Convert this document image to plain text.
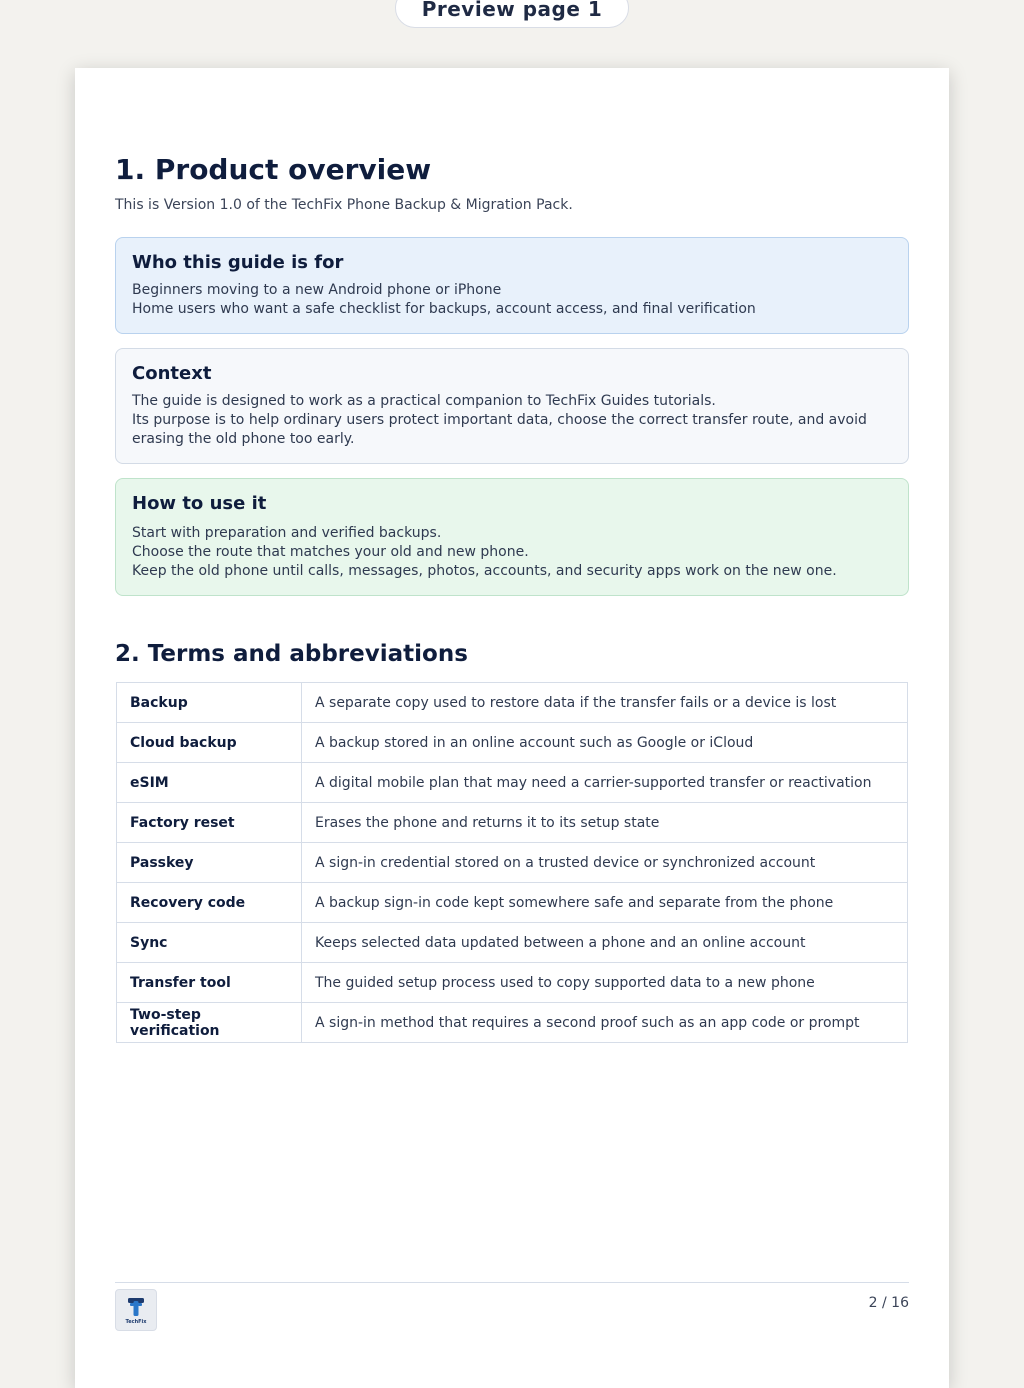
Preview page 1
1. Product overview

This is Version 1.0 of the TechFix Phone Backup & Migration Pack.

Who this guide is for
Beginners moving to a new Android phone or iPhone
Home users who want a safe checklist for backups, account access, and final verification
Context
The guide is designed to work as a practical companion to TechFix Guides tutorials.
Its purpose is to help ordinary users protect important data, choose the correct transfer route, and avoid erasing the old phone too early.
How to use it
Start with preparation and verified backups.
Choose the route that matches your old and new phone.
Keep the old phone until calls, messages, photos, accounts, and security apps work on the new one.
2. Terms and abbreviations
Backup	A separate copy used to restore data if the transfer fails or a device is lost
Cloud backup	A backup stored in an online account such as Google or iCloud
eSIM	A digital mobile plan that may need a carrier-supported transfer or reactivation
Factory reset	Erases the phone and returns it to its setup state
Passkey	A sign-in credential stored on a trusted device or synchronized account
Recovery code	A backup sign-in code kept somewhere safe and separate from the phone
Sync	Keeps selected data updated between a phone and an online account
Transfer tool	The guided setup process used to copy supported data to a new phone
Two-step verification	A sign-in method that requires a second proof such as an app code or prompt
TechFix
2 / 16
